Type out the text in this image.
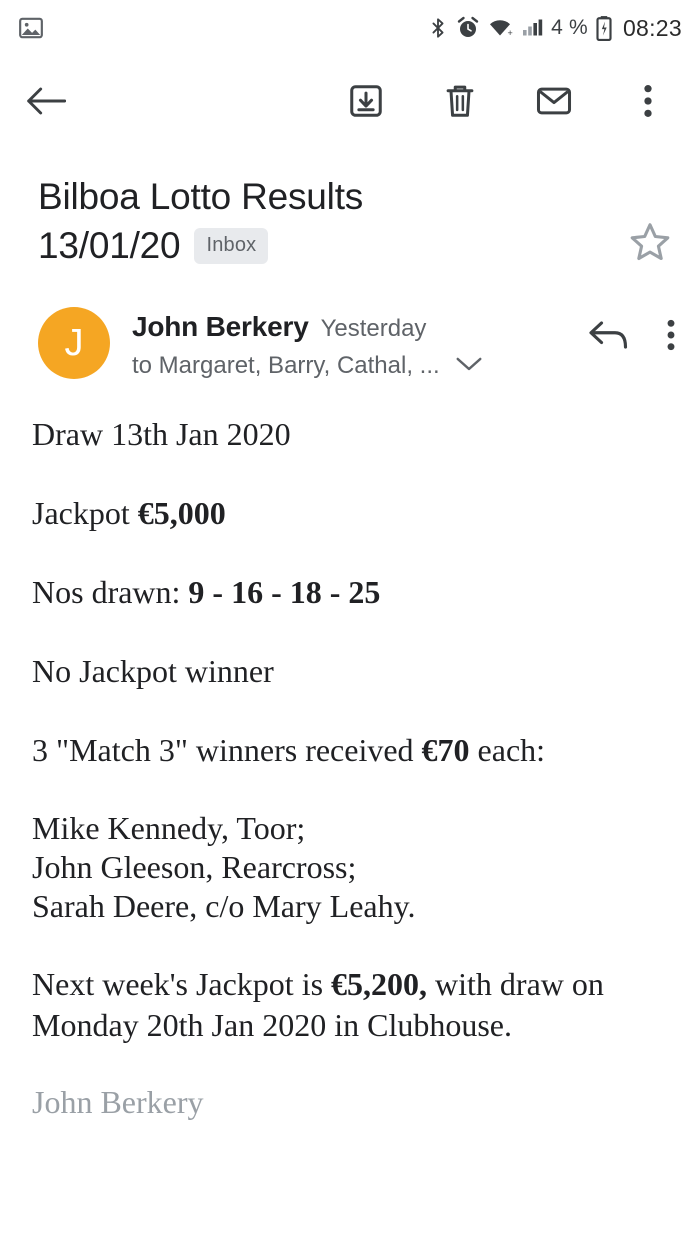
+ 4 % 08:23
Bilboa Lotto Results
13/01/20	Inbox
J	John Berkery Yesterday
to Margaret, Barry, Cathal, ...

Draw 13th Jan 2020

Jackpot €5,000

Nos drawn: 9 - 16 - 18 - 25

No Jackpot winner

3 "Match 3" winners received €70 each:

Mike Kennedy, Toor;
John Gleeson, Rearcross;
Sarah Deere, c/o Mary Leahy.

Next week's Jackpot is €5,200, with draw on Monday 20th Jan 2020 in Clubhouse.

John Berkery
